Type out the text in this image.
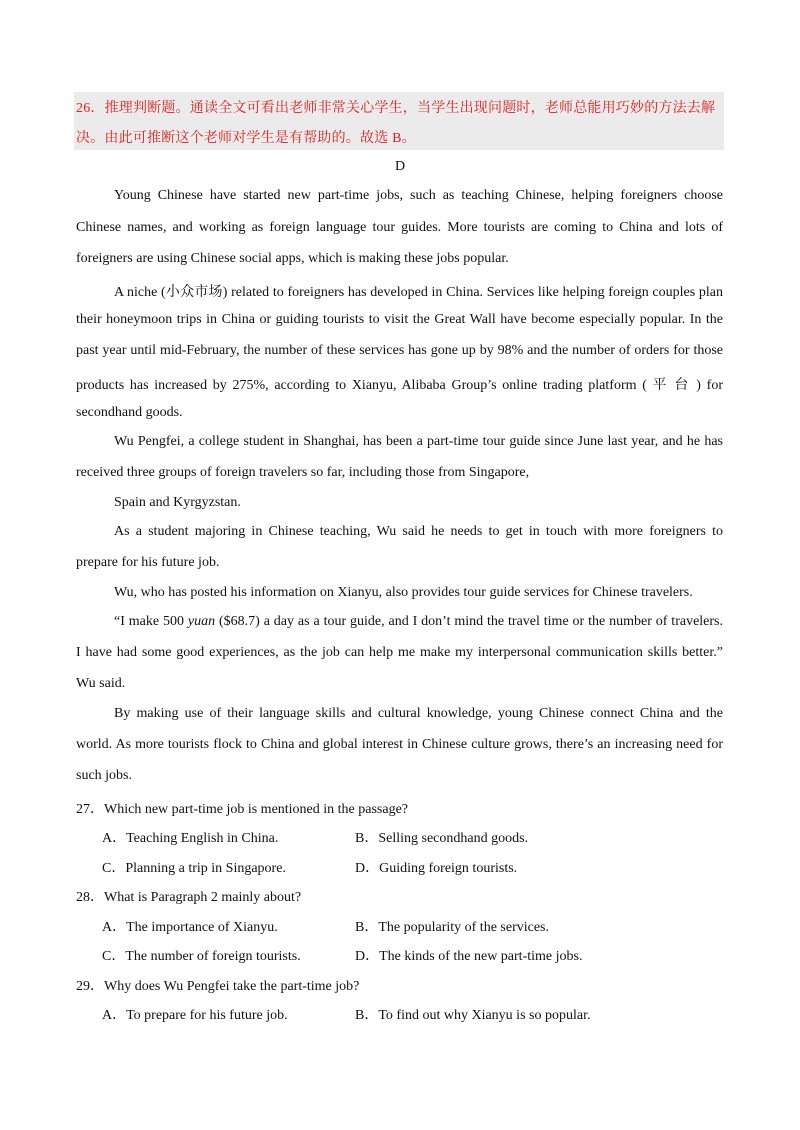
26．推理判断题。通读全文可看出老师非常关心学生，当学生出现问题时，老师总能用巧妙的方法去解
决。由此可推断这个老师对学生是有帮助的。故选 B。
D
Young Chinese have started new part-time jobs, such as teaching Chinese, helping foreigners choose
Chinese names, and working as foreign language tour guides. More tourists are coming to China and lots of
foreigners are using Chinese social apps, which is making these jobs popular.
A niche (小众市场) related to foreigners has developed in China. Services like helping foreign couples plan
their honeymoon trips in China or guiding tourists to visit the Great Wall have become especially popular. In the
past year until mid-February, the number of these services has gone up by 98% and the number of orders for those
products has increased by 275%, according to Xianyu, Alibaba Group’s online trading platform ( 平 台 ) for
secondhand goods.
Wu Pengfei, a college student in Shanghai, has been a part-time tour guide since June last year, and he has
received three groups of foreign travelers so far, including those from Singapore,
Spain and Kyrgyzstan.
As a student majoring in Chinese teaching, Wu said he needs to get in touch with more foreigners to
prepare for his future job.
Wu, who has posted his information on Xianyu, also provides tour guide services for Chinese travelers.
“I make 500 yuan ($68.7) a day as a tour guide, and I don’t mind the travel time or the number of travelers.
I have had some good experiences, as the job can help me make my interpersonal communication skills better.”
Wu said.
By making use of their language skills and cultural knowledge, young Chinese connect China and the
world. As more tourists flock to China and global interest in Chinese culture grows, there’s an increasing need for
such jobs.
27．Which new part-time job is mentioned in the passage?
A．Teaching English in China.	B．Selling secondhand goods.
C．Planning a trip in Singapore.	D．Guiding foreign tourists.
28．What is Paragraph 2 mainly about?
A．The importance of Xianyu.	B．The popularity of the services.
C．The number of foreign tourists.	D．The kinds of the new part-time jobs.
29．Why does Wu Pengfei take the part-time job?
A．To prepare for his future job.	B．To find out why Xianyu is so popular.
